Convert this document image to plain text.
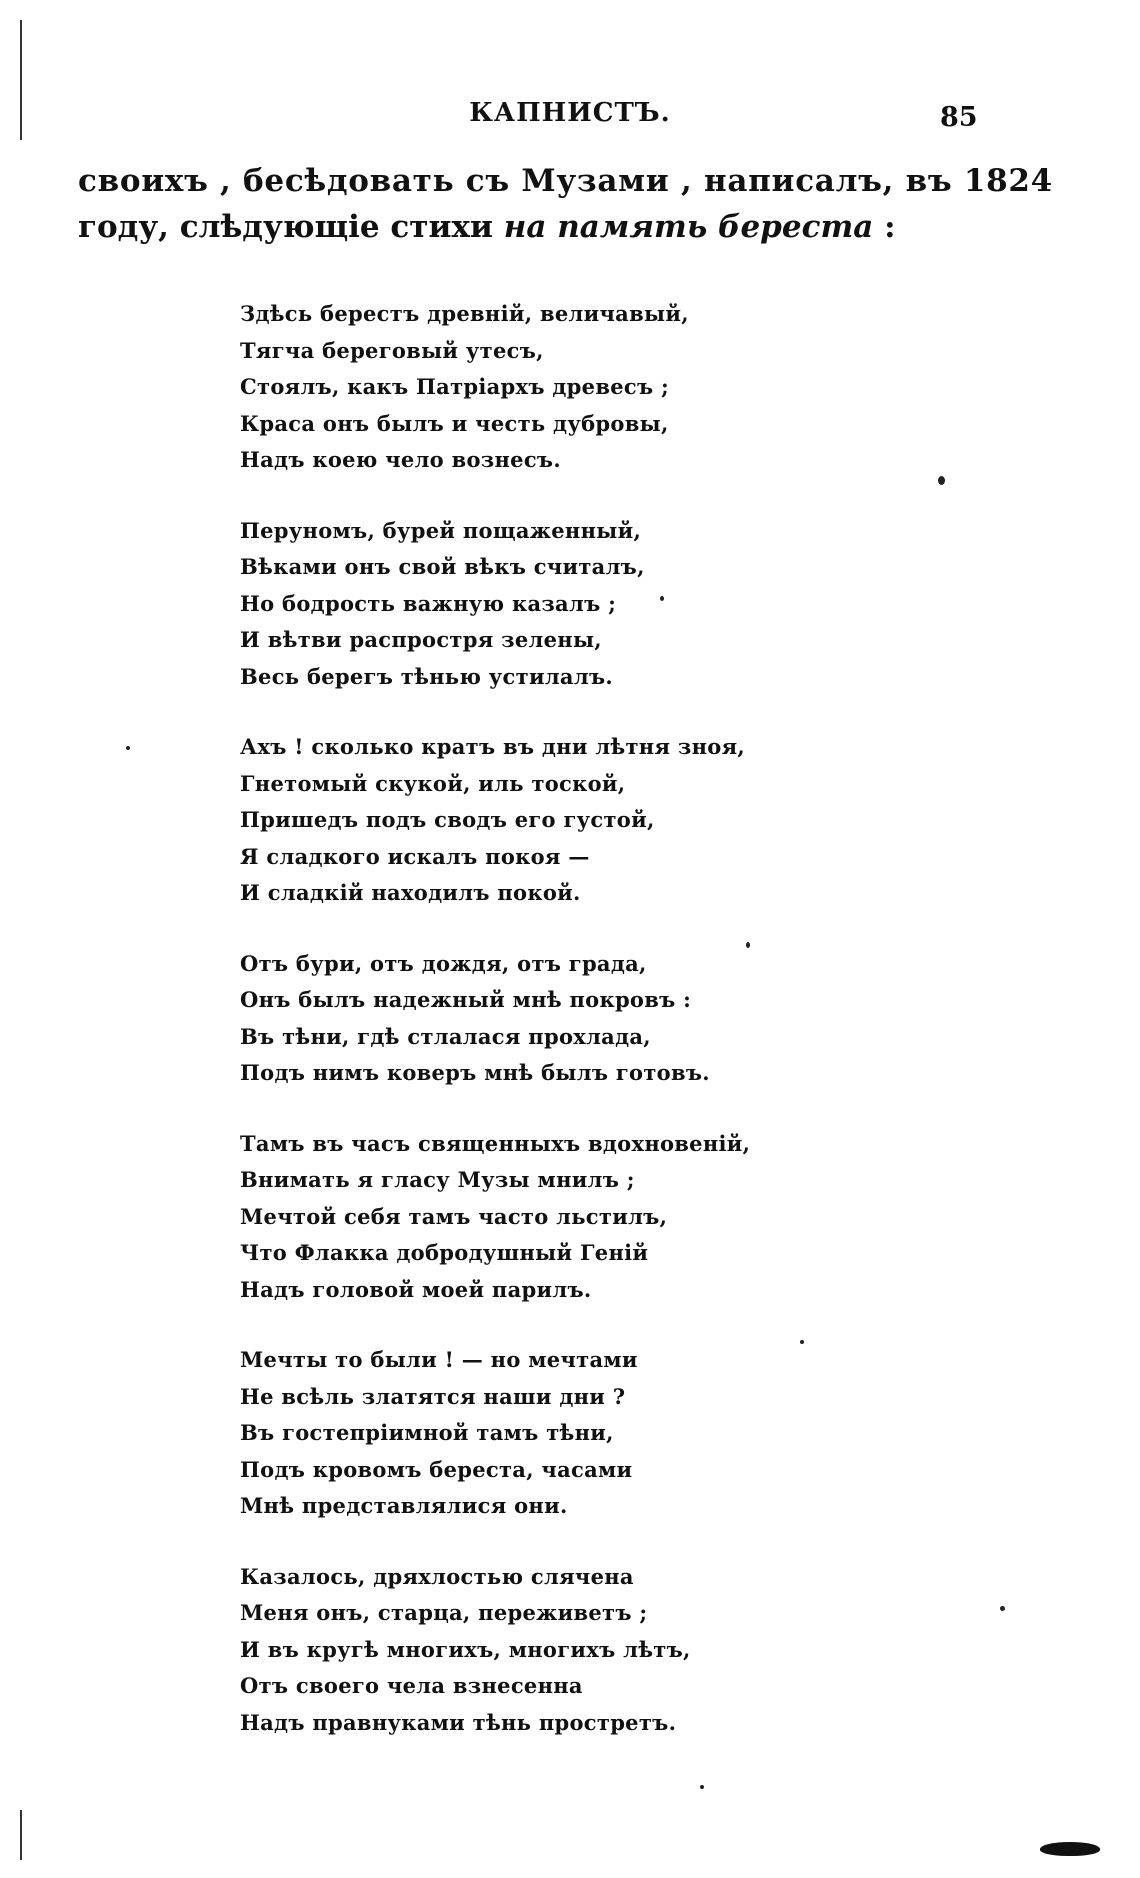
КАПНИСТЪ.	85
своихъ , бесѣдовать съ Музами , написалъ, въ 1824
году, слѣдующіе стихи на память береста :
Здѣсь берестъ древній, величавый,
Тягча береговый утесъ,
Стоялъ, какъ Патріархъ древесъ ;
Краса онъ былъ и честь дубровы,
Надъ коею чело вознесъ.
Перуномъ, бурей пощаженный,
Вѣками онъ свой вѣкъ считалъ,
Но бодрость важную казалъ ;
И вѣтви распростря зелены,
Весь берегъ тѣнью устилалъ.
Ахъ ! сколько кратъ въ дни лѣтня зноя,
Гнетомый скукой, иль тоской,
Пришедъ подъ сводъ его густой,
Я сладкого искалъ покоя —
И сладкій находилъ покой.
Отъ бури, отъ дождя, отъ града,
Онъ былъ надежный мнѣ покровъ :
Въ тѣни, гдѣ стлалася прохлада,
Подъ нимъ коверъ мнѣ былъ готовъ.
Тамъ въ часъ священныхъ вдохновеній,
Внимать я гласу Музы мнилъ ;
Мечтой себя тамъ часто льстилъ,
Что Флакка добродушный Геній
Надъ головой моей парилъ.
Мечты то были ! — но мечтами
Не всѣль златятся наши дни ?
Въ гостепріимной тамъ тѣни,
Подъ кровомъ береста, часами
Мнѣ представлялися они.
Казалось, дряхлостью сляченa
Меня онъ, старца, переживетъ ;
И въ кругѣ многихъ, многихъ лѣтъ,
Отъ своего чела взнесенна
Надъ правнуками тѣнь прострeтъ.
